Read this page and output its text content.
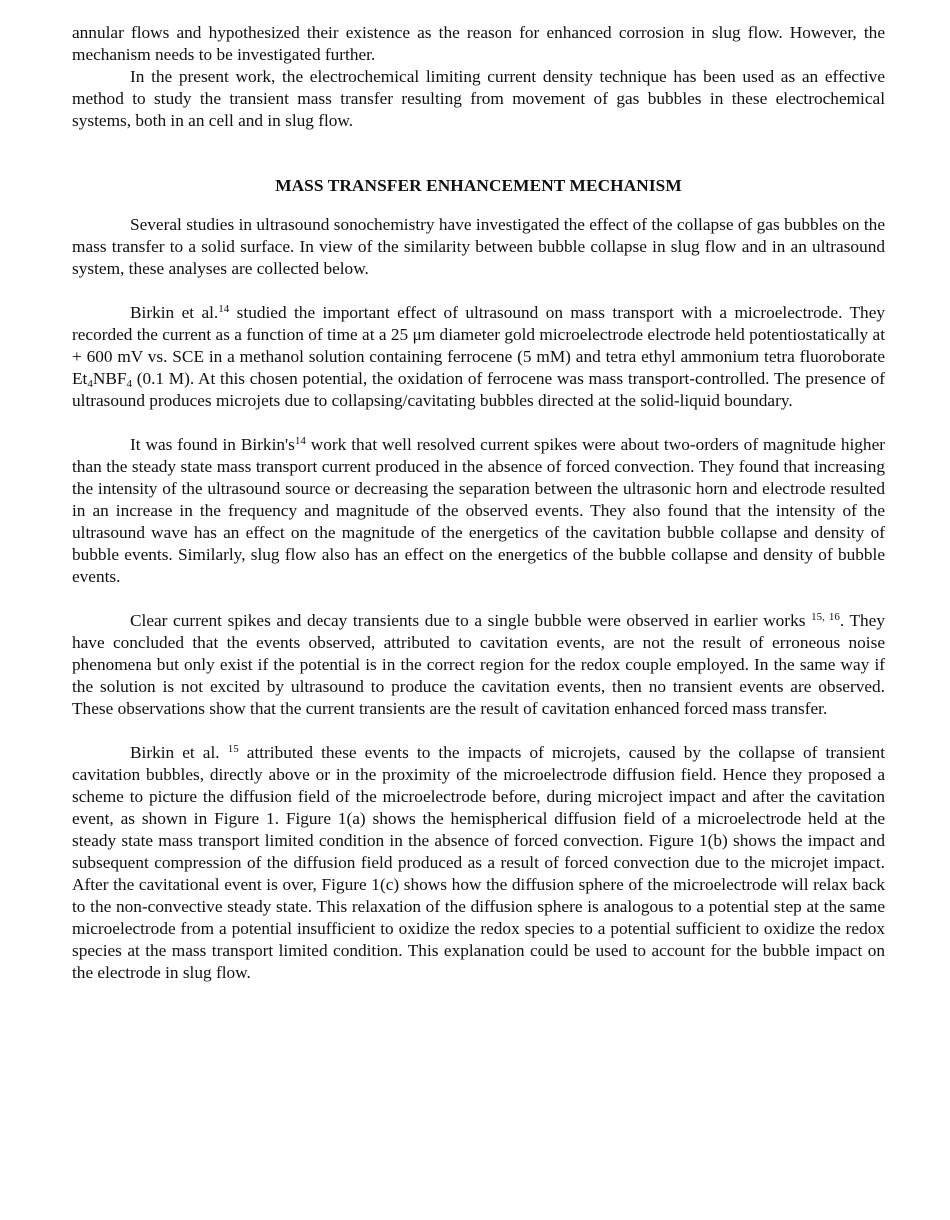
annular flows and hypothesized their existence as the reason for enhanced corrosion in slug flow. However, the mechanism needs to be investigated further.

In the present work, the electrochemical limiting current density technique has been used as an effective method to study the transient mass transfer resulting from movement of gas bubbles in these electrochemical systems, both in an cell and in slug flow.

MASS TRANSFER ENHANCEMENT MECHANISM

Several studies in ultrasound sonochemistry have investigated the effect of the collapse of gas bubbles on the mass transfer to a solid surface. In view of the similarity between bubble collapse in slug flow and in an ultrasound system, these analyses are collected below.

Birkin et al.$^{14}$ studied the important effect of ultrasound on mass transport with a microelectrode. They recorded the current as a function of time at a 25 μm diameter gold microelectrode electrode held potentiostatically at + 600 mV vs. SCE in a methanol solution containing ferrocene (5 mM) and tetra ethyl ammonium tetra fluoroborate $Et_4NBF_4$ (0.1 M). At this chosen potential, the oxidation of ferrocene was mass transport-controlled. The presence of ultrasound produces microjets due to collapsing/cavitating bubbles directed at the solid-liquid boundary.

It was found in $Birkin's^{14}$ work that well resolved current spikes were about two-orders of magnitude higher than the steady state mass transport current produced in the absence of forced convection. They found that increasing the intensity of the ultrasound source or decreasing the separation between the ultrasonic horn and electrode resulted in an increase in the frequency and magnitude of the observed events. They also found that the intensity of the ultrasound wave has an effect on the magnitude of the energetics of the cavitation bubble collapse and density of bubble events. Similarly, slug flow also has an effect on the energetics of the bubble collapse and density of bubble events.

Clear current spikes and decay transients due to a single bubble were observed in earlier works $^{15, 16}$. They have concluded that the events observed, attributed to cavitation events, are not the result of erroneous noise phenomena but only exist if the potential is in the correct region for the redox couple employed. In the same way if the solution is not excited by ultrasound to produce the cavitation events, then no transient events are observed. These observations show that the current transients are the result of cavitation enhanced forced mass transfer.

Birkin et al. $^{15}$ attributed these events to the impacts of microjets, caused by the collapse of transient cavitation bubbles, directly above or in the proximity of the microelectrode diffusion field. Hence they proposed a scheme to picture the diffusion field of the microelectrode before, during microject impact and after the cavitation event, as shown in Figure 1. Figure 1(a) shows the hemispherical diffusion field of a microelectrode held at the steady state mass transport limited condition in the absence of forced convection. Figure 1(b) shows the impact and subsequent compression of the diffusion field produced as a result of forced convection due to the microjet impact. After the cavitational event is over, Figure 1(c) shows how the diffusion sphere of the microelectrode will relax back to the non-convective steady state. This relaxation of the diffusion sphere is analogous to a potential step at the same microelectrode from a potential insufficient to oxidize the redox species to a potential sufficient to oxidize the redox species at the mass transport limited condition. This explanation could be used to account for the bubble impact on the electrode in slug flow.
